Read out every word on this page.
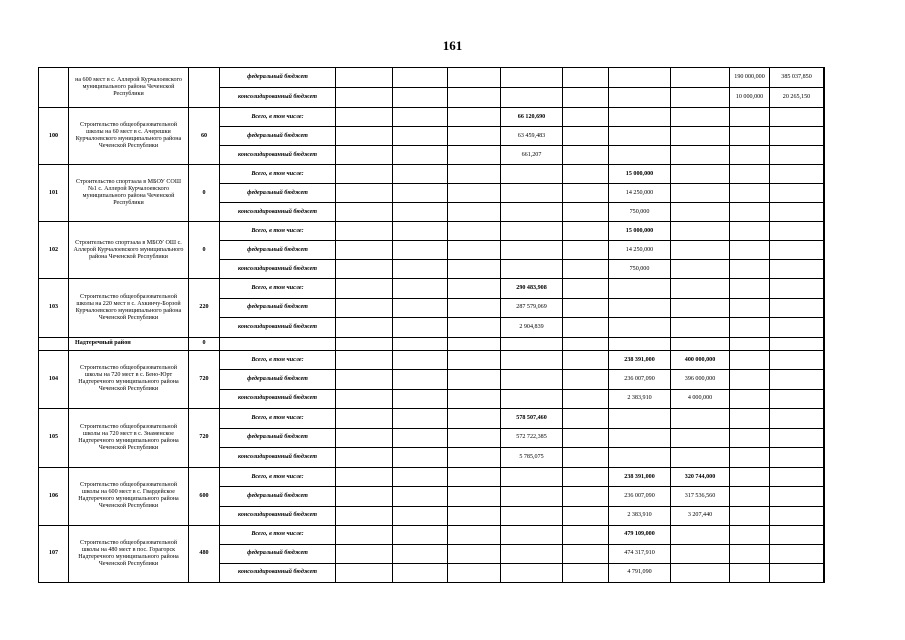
161
	на 600 мест в с. Аллерой Курчалоевского муниципального района Чеченской Республики		федеральный бюджет								190 000,000	385 037,850	
			консолидированный бюджет								10 000,000	20 265,150	
100	Строительство общеобразовательной школы на 60 мест в с. Ачерешки Курчалоевского муниципального района Чеченской Республики	60	Всего, в том числе:				66 120,690						
			федеральный бюджет				63 459,483						
			консолидированный бюджет				661,207						
101	Строительство спортзала в МБОУ СОШ №1 с. Аллерой Курчалоевского муниципального района Чеченской Республики	0	Всего, в том числе:						15 000,000				
			федеральный бюджет						14 250,000				
			консолидированный бюджет						750,000				
102	Строительство спортзала в МБОУ ОШ с. Аллерой Курчалоевского муниципального района Чеченской Республики	0	Всего, в том числе:						15 000,000				
			федеральный бюджет						14 250,000				
			консолидированный бюджет						750,000				
103	Строительство общеобразовательной школы на 220 мест в с. Ахкинчу-Борзой Курчалоевского муниципального района Чеченской Республики	220	Всего, в том числе:				290 483,908						
			федеральный бюджет				287 579,069						
			консолидированный бюджет				2 904,839						
	Надтеречный район	0											
104	Строительство общеобразовательной школы на 720 мест в с. Бено-Юрт Надтеречного муниципального района Чеченской Республики	720	Всего, в том числе:						238 391,000	400 000,000			
			федеральный бюджет						236 007,090	396 000,000			
			консолидированный бюджет						2 383,910	4 000,000			
105	Строительство общеобразовательной школы на 720 мест в с. Знаменское Надтеречного муниципального района Чеченской Республики	720	Всего, в том числе:				578 507,460						
			федеральный бюджет				572 722,385						
			консолидированный бюджет				5 785,075						
106	Строительство общеобразовательной школы на 600 мест в с. Гвардейское Надтеречного муниципального района Чеченской Республики	600	Всего, в том числе:						238 391,000	320 744,000			
			федеральный бюджет						236 007,090	317 536,560			
			консолидированный бюджет						2 383,910	3 207,440			
107	Строительство общеобразовательной школы на 480 мест в пос. Горагорск Надтеречного муниципального района Чеченской Республики	480	Всего, в том числе:						479 109,000				
			федеральный бюджет						474 317,910				
			консолидированный бюджет						4 791,090				
